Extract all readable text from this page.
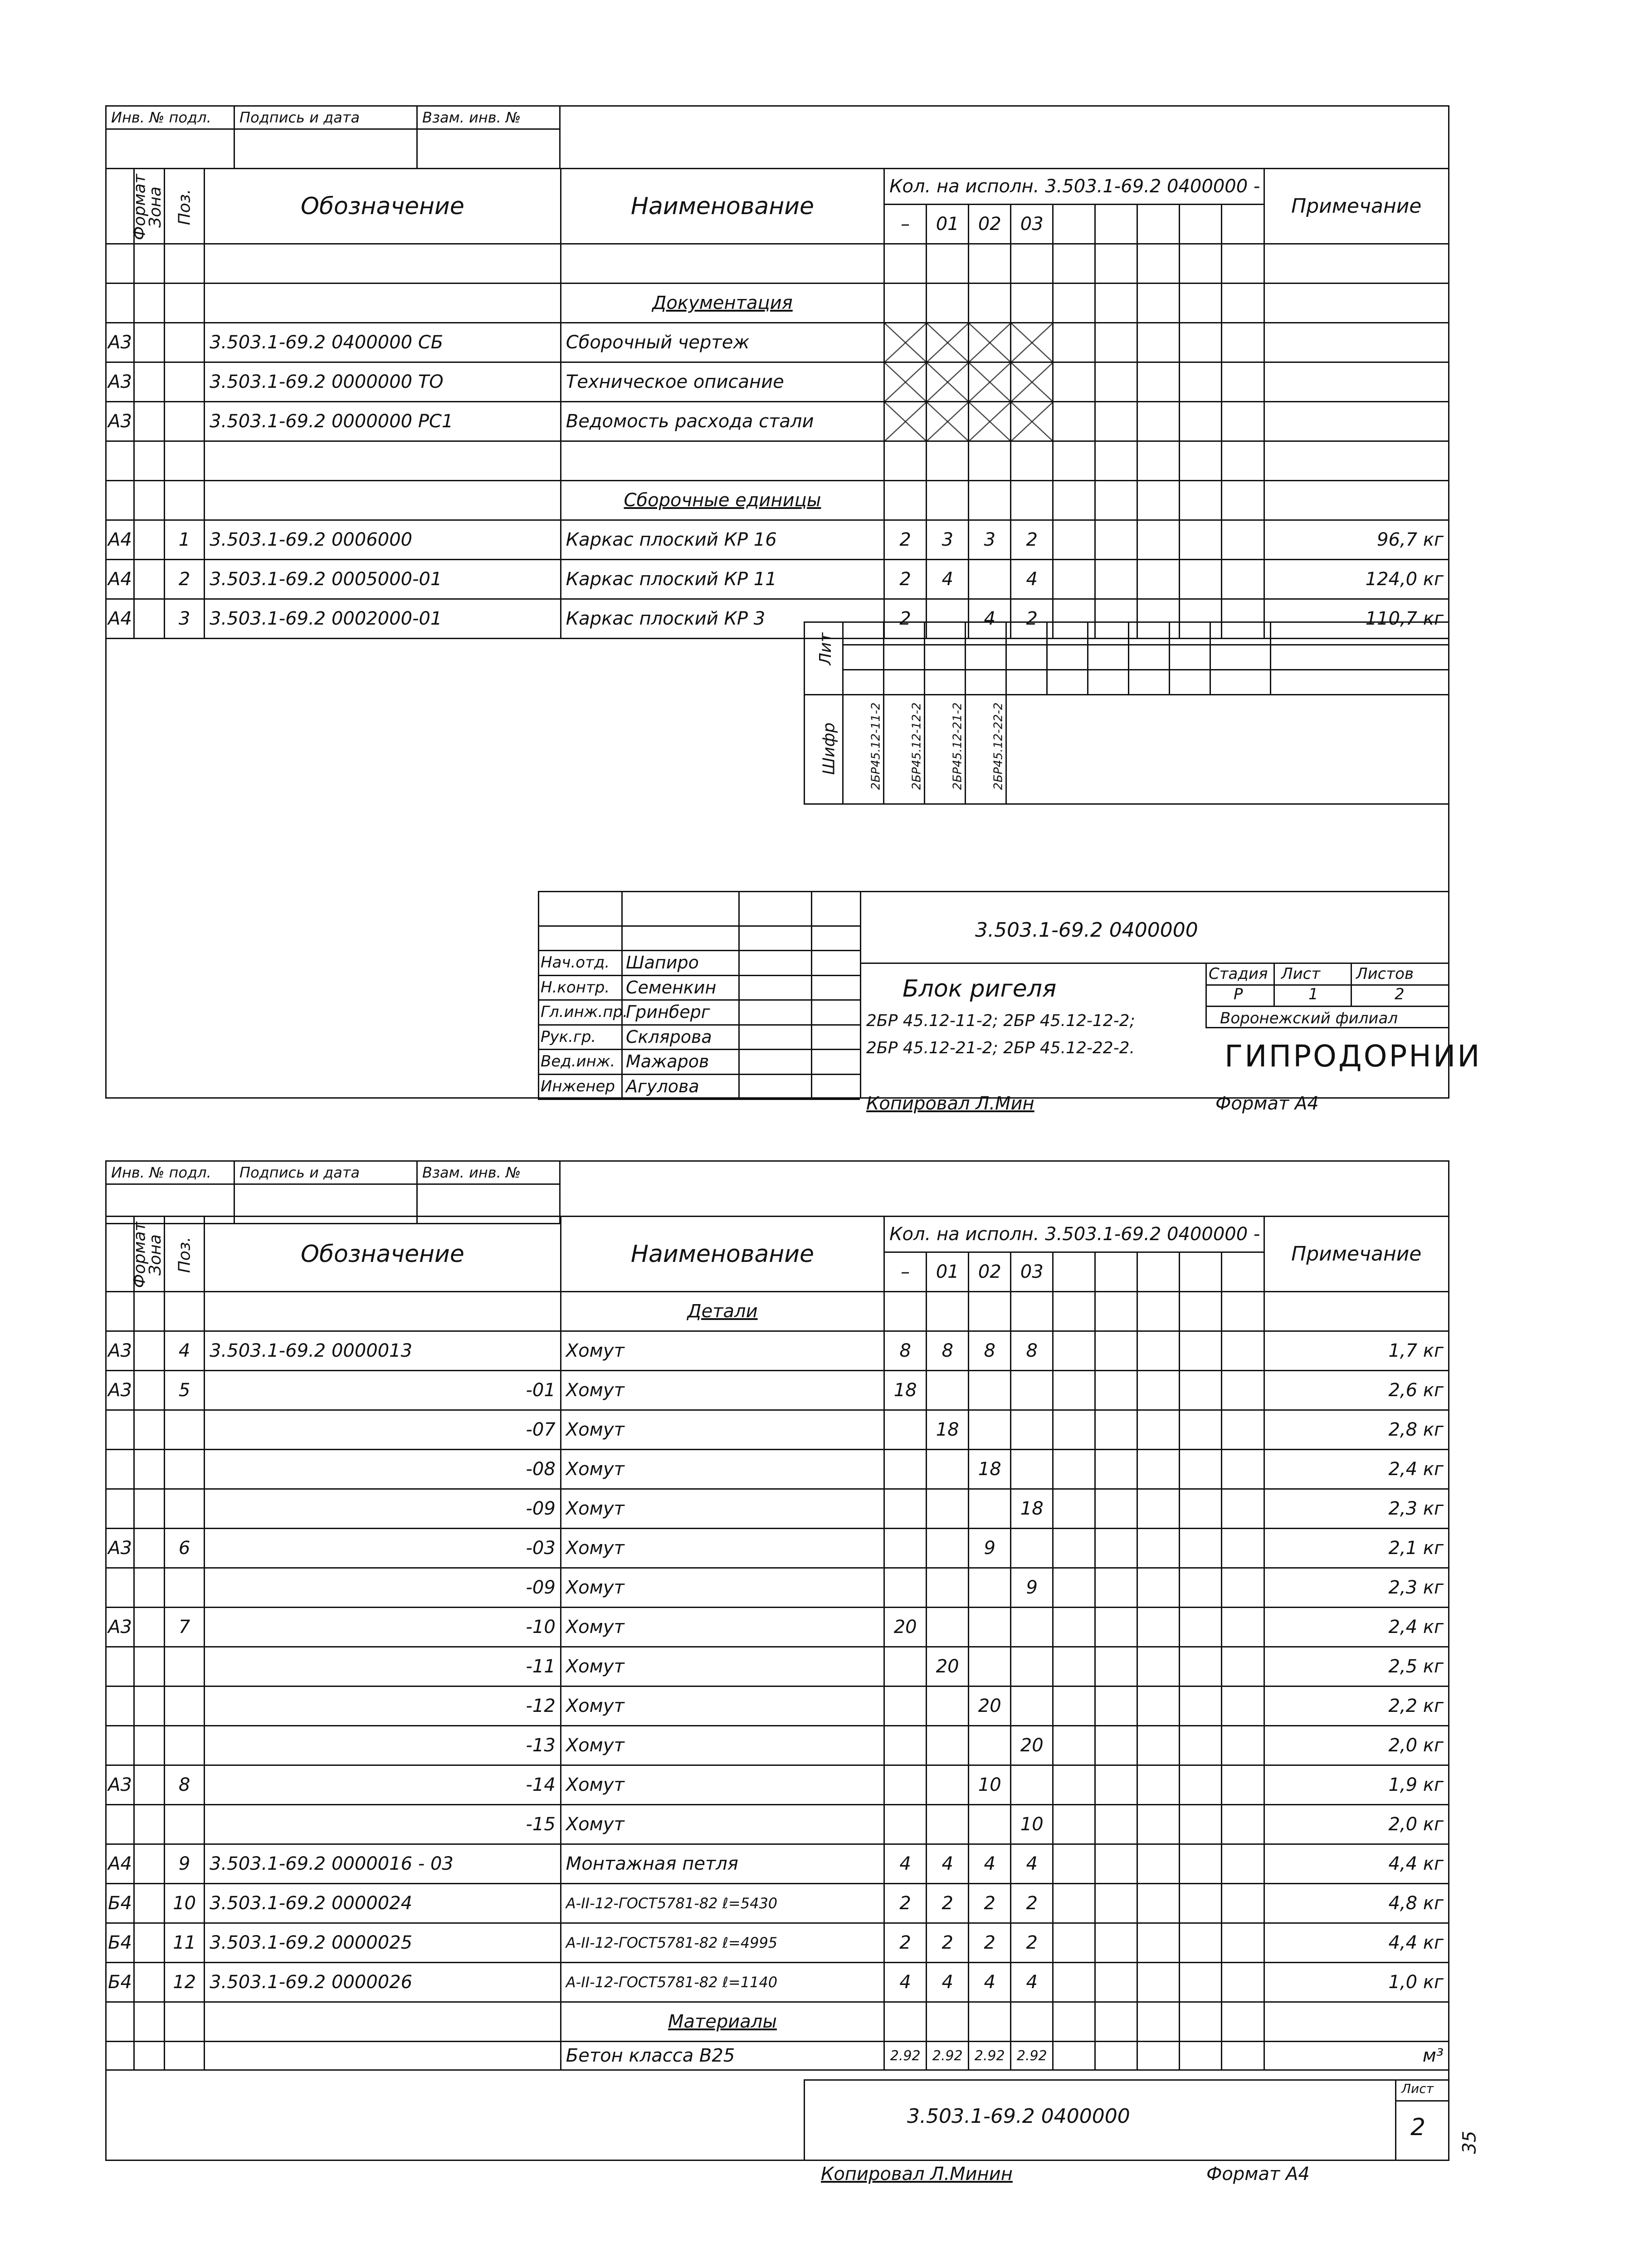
Инв. № подл.	Подпись и дата	Взам. инв. №

Формат	Зона	Поз.	Обозначение	Наименование	Кол. на исполн. 3.503.1-69.2 0400000 -									Примечание
					–	01	02	03						

				Документация										
А3			3.503.1-69.2 0400000 СБ	Сборочный чертеж										
А3			3.503.1-69.2 0000000 ТО	Техническое описание										
А3			3.503.1-69.2 0000000 РС1	Ведомость расхода стали										

				Сборочные единицы										
А4		1	3.503.1-69.2 0006000	Каркас плоский КР 16	2	3	3	2						96,7 кг
А4		2	3.503.1-69.2 0005000-01	Каркас плоский КР 11	2	4		4						124,0 кг
А4		3	3.503.1-69.2 0002000-01	Каркас плоский КР 3	2		4	2						110,7 кг
Лит
Шифр	2БР45.12-11-2	2БР45.12-12-2	2БР45.12-21-2	2БР45.12-22-2
Нач.отд. Шапиро
Н.контр. Семенкин
Гл.инж.пр.
Гринберг
Рук.гр. Склярова
Вед.инж. Мажаров
Инженер Агулова
3.503.1-69.2 0400000
Блок ригеля
2БР 45.12-11-2; 2БР 45.12-12-2;
2БР 45.12-21-2; 2БР 45.12-22-2.
Стадия Лист Листов
Р	1	2
Воронежский филиал
ГИПРОДОРНИИ
Копировал Л.Мин	Формат А4
Инв. № подл.	Подпись и дата	Взам. инв. №

Формат	Зона	Поз.	Обозначение	Наименование	Кол. на исполн. 3.503.1-69.2 0400000 -									Примечание
					–	01	02	03						
				Детали										
А3		4	3.503.1-69.2 0000013	Хомут	8	8	8	8						1,7 кг
А3		5	-01	Хомут	18									2,6 кг
			-07	Хомут		18								2,8 кг
			-08	Хомут			18							2,4 кг
			-09	Хомут				18						2,3 кг
А3		6	-03	Хомут			9							2,1 кг
			-09	Хомут				9						2,3 кг
А3		7	-10	Хомут	20									2,4 кг
			-11	Хомут		20								2,5 кг
			-12	Хомут			20							2,2 кг
			-13	Хомут				20						2,0 кг
А3		8	-14	Хомут			10							1,9 кг
			-15	Хомут				10						2,0 кг
А4		9	3.503.1-69.2 0000016 - 03	Монтажная петля	4	4	4	4						4,4 кг
Б4		10	3.503.1-69.2 0000024	А-II-12-ГОСТ5781-82 ℓ=5430	2	2	2	2						4,8 кг
Б4		11	3.503.1-69.2 0000025	А-II-12-ГОСТ5781-82 ℓ=4995	2	2	2	2						4,4 кг
Б4		12	3.503.1-69.2 0000026	А-II-12-ГОСТ5781-82 ℓ=1140	4	4	4	4						1,0 кг
				Материалы										
				Бетон класса В25	2.92	2.92	2.92	2.92						м³
3.503.1-69.2 0400000
Лист
2
Копировал Л.Минин	Формат А4
35
